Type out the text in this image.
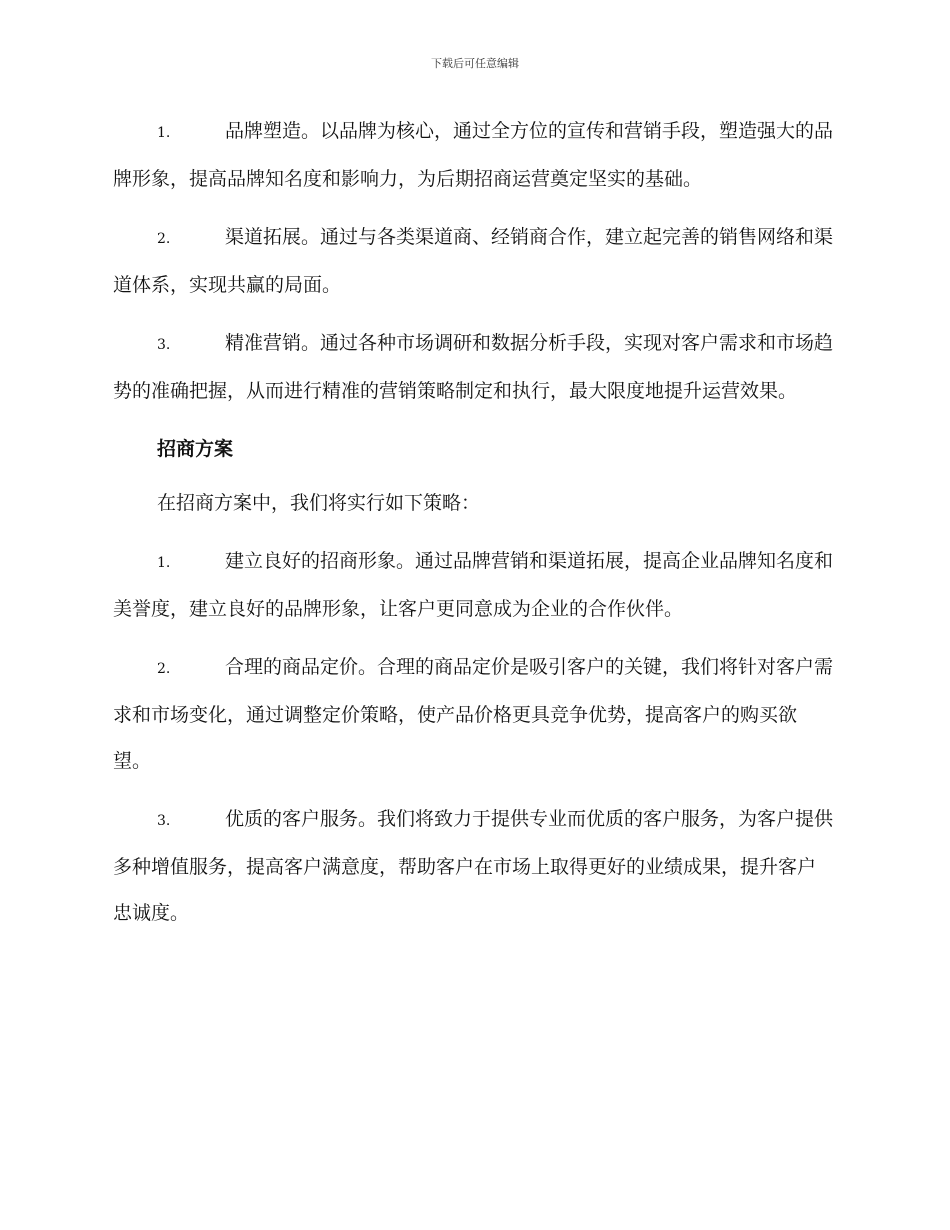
下载后可任意编辑

1.	品牌塑造。以品牌为核心，通过全方位的宣传和营销手段，塑造强大的品牌形象，提高品牌知名度和影响力，为后期招商运营奠定坚实的基础。

2.	渠道拓展。通过与各类渠道商、经销商合作，建立起完善的销售网络和渠道体系，实现共赢的局面。

3.	精准营销。通过各种市场调研和数据分析手段，实现对客户需求和市场趋势的准确把握，从而进行精准的营销策略制定和执行，最大限度地提升运营效果。

招商方案

在招商方案中，我们将实行如下策略：

1.	建立良好的招商形象。通过品牌营销和渠道拓展，提高企业品牌知名度和美誉度，建立良好的品牌形象，让客户更同意成为企业的合作伙伴。

2.	合理的商品定价。合理的商品定价是吸引客户的关键，我们将针对客户需求和市场变化，通过调整定价策略，使产品价格更具竞争优势，提高客户的购买欲望。

3.	优质的客户服务。我们将致力于提供专业而优质的客户服务，为客户提供多种增值服务，提高客户满意度，帮助客户在市场上取得更好的业绩成果，提升客户忠诚度。
